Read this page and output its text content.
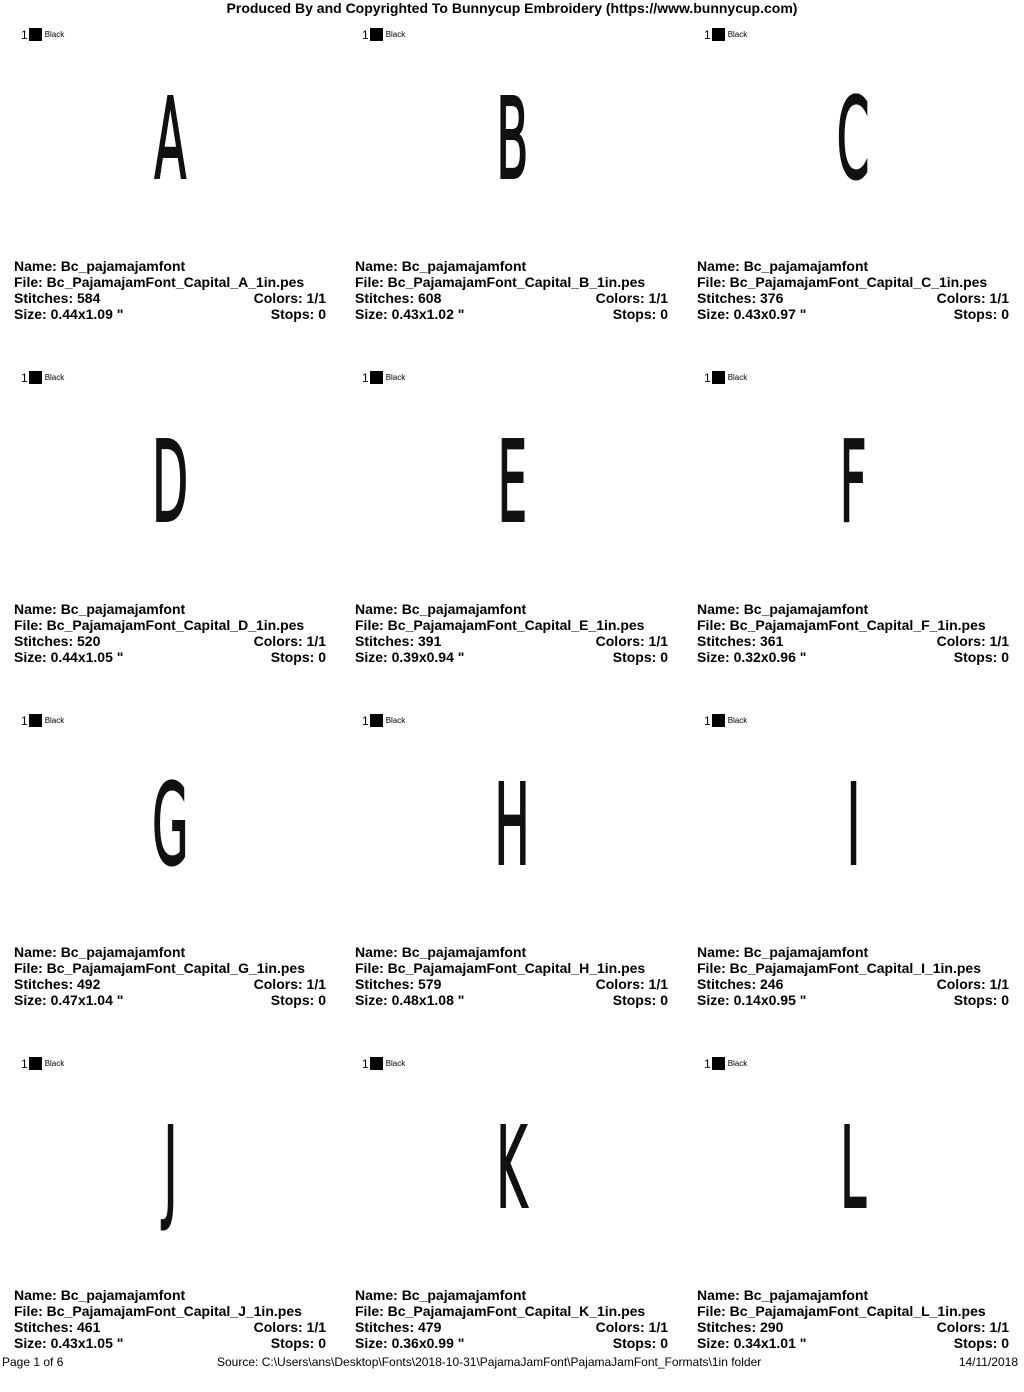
Produced By and Copyrighted To Bunnycup Embroidery (https://www.bunnycup.com)
1 Black
A
Name: Bc_pajamajamfont
File: Bc_PajamajamFont_Capital_A_1in.pes
Stitches: 584	Colors: 1/1
Size: 0.44x1.09 "	Stops: 0
1 Black
B
Name: Bc_pajamajamfont
File: Bc_PajamajamFont_Capital_B_1in.pes
Stitches: 608	Colors: 1/1
Size: 0.43x1.02 "	Stops: 0
1 Black
C
Name: Bc_pajamajamfont
File: Bc_PajamajamFont_Capital_C_1in.pes
Stitches: 376	Colors: 1/1
Size: 0.43x0.97 "	Stops: 0
1 Black
D
Name: Bc_pajamajamfont
File: Bc_PajamajamFont_Capital_D_1in.pes
Stitches: 520	Colors: 1/1
Size: 0.44x1.05 "	Stops: 0
1 Black
E
Name: Bc_pajamajamfont
File: Bc_PajamajamFont_Capital_E_1in.pes
Stitches: 391	Colors: 1/1
Size: 0.39x0.94 "	Stops: 0
1 Black
F
Name: Bc_pajamajamfont
File: Bc_PajamajamFont_Capital_F_1in.pes
Stitches: 361	Colors: 1/1
Size: 0.32x0.96 "	Stops: 0
1 Black
G
Name: Bc_pajamajamfont
File: Bc_PajamajamFont_Capital_G_1in.pes
Stitches: 492	Colors: 1/1
Size: 0.47x1.04 "	Stops: 0
1 Black
H
Name: Bc_pajamajamfont
File: Bc_PajamajamFont_Capital_H_1in.pes
Stitches: 579	Colors: 1/1
Size: 0.48x1.08 "	Stops: 0
1 Black
I
Name: Bc_pajamajamfont
File: Bc_PajamajamFont_Capital_I_1in.pes
Stitches: 246	Colors: 1/1
Size: 0.14x0.95 "	Stops: 0
1 Black
J
Name: Bc_pajamajamfont
File: Bc_PajamajamFont_Capital_J_1in.pes
Stitches: 461	Colors: 1/1
Size: 0.43x1.05 "	Stops: 0
1 Black
K
Name: Bc_pajamajamfont
File: Bc_PajamajamFont_Capital_K_1in.pes
Stitches: 479	Colors: 1/1
Size: 0.36x0.99 "	Stops: 0
1 Black
L
Name: Bc_pajamajamfont
File: Bc_PajamajamFont_Capital_L_1in.pes
Stitches: 290	Colors: 1/1
Size: 0.34x1.01 "	Stops: 0
Page 1 of 6	Source: C:\Users\ans\Desktop\Fonts\2018-10-31\PajamaJamFont\PajamaJamFont_Formats\1in folder	14/11/2018
